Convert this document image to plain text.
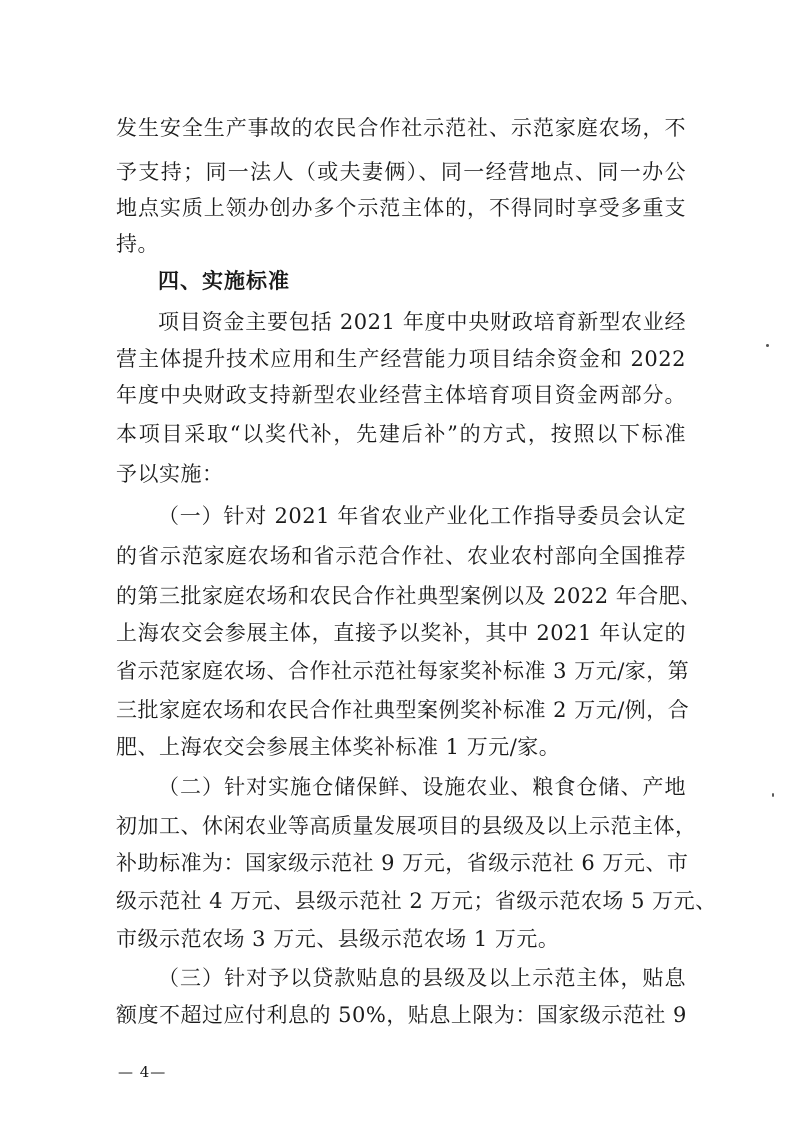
发生安全生产事故的农民合作社示范社、示范家庭农场，不
予支持；同一法人（或夫妻俩）、同一经营地点、同一办公
地点实质上领办创办多个示范主体的，不得同时享受多重支
持。
四、实施标准
项目资金主要包括 2021 年度中央财政培育新型农业经
营主体提升技术应用和生产经营能力项目结余资金和 2022
年度中央财政支持新型农业经营主体培育项目资金两部分。
本项目采取“以奖代补，先建后补”的方式，按照以下标准
予以实施：
（一）针对 2021 年省农业产业化工作指导委员会认定
的省示范家庭农场和省示范合作社、农业农村部向全国推荐
的第三批家庭农场和农民合作社典型案例以及 2022 年合肥、
上海农交会参展主体，直接予以奖补，其中 2021 年认定的
省示范家庭农场、合作社示范社每家奖补标准 3 万元/家，第
三批家庭农场和农民合作社典型案例奖补标准 2 万元/例，合
肥、上海农交会参展主体奖补标准 1 万元/家。
（二）针对实施仓储保鲜、设施农业、粮食仓储、产地
初加工、休闲农业等高质量发展项目的县级及以上示范主体，
补助标准为：国家级示范社 9 万元，省级示范社 6 万元、市
级示范社 4 万元、县级示范社 2 万元；省级示范农场 5 万元、
市级示范农场 3 万元、县级示范农场 1 万元。
（三）针对予以贷款贴息的县级及以上示范主体，贴息
额度不超过应付利息的 50%，贴息上限为：国家级示范社 9
— 4—
